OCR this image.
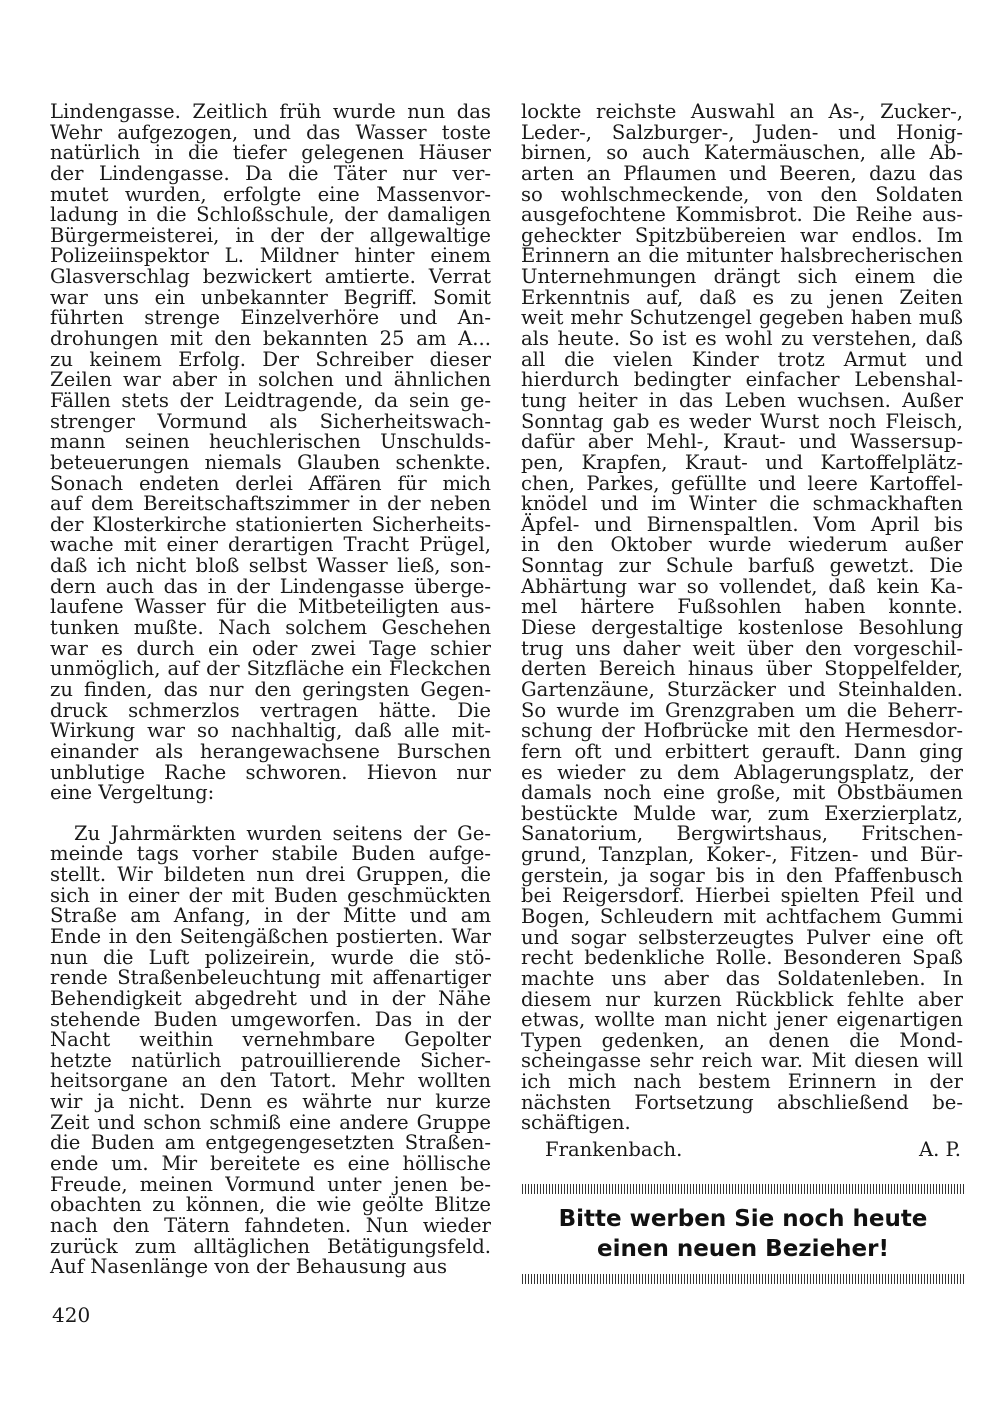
Lindengasse. Zeitlich früh wurde nun das
Wehr aufgezogen, und das Wasser toste
natürlich in die tiefer gelegenen Häuser
der Lindengasse. Da die Täter nur ver-
mutet wurden, erfolgte eine Massenvor-
ladung in die Schloßschule, der damaligen
Bürgermeisterei, in der der allgewaltige
Polizeiinspektor L. Mildner hinter einem
Glasverschlag bezwickert amtierte. Verrat
war uns ein unbekannter Begriff. Somit
führten strenge Einzelverhöre und An-
drohungen mit den bekannten 25 am A...
zu keinem Erfolg. Der Schreiber dieser
Zeilen war aber in solchen und ähnlichen
Fällen stets der Leidtragende, da sein ge-
strenger Vormund als Sicherheitswach-
mann seinen heuchlerischen Unschulds-
beteuerungen niemals Glauben schenkte.
Sonach endeten derlei Affären für mich
auf dem Bereitschaftszimmer in der neben
der Klosterkirche stationierten Sicherheits-
wache mit einer derartigen Tracht Prügel,
daß ich nicht bloß selbst Wasser ließ, son-
dern auch das in der Lindengasse übergе-
laufene Wasser für die Mitbeteiligten aus-
tunken mußte. Nach solchem Geschehen
war es durch ein oder zwei Tage schier
unmöglich, auf der Sitzfläche ein Fleckchen
zu finden, das nur den geringsten Gegen-
druck schmerzlos vertragen hätte. Die
Wirkung war so nachhaltig, daß alle mit-
einander als herangewachsene Burschen
unblutige Rache schworen. Hievon nur
eine Vergeltung:
Zu Jahrmärkten wurden seitens der Ge-
meinde tags vorher stabile Buden aufge-
stellt. Wir bildeten nun drei Gruppen, die
sich in einer der mit Buden geschmückten
Straße am Anfang, in der Mitte und am
Ende in den Seitengäßchen postierten. War
nun die Luft polizeirein, wurde die stö-
rende Straßenbeleuchtung mit affenartiger
Behendigkeit abgedreht und in der Nähe
stehende Buden umgeworfen. Das in der
Nacht weithin vernehmbare Gepolter
hetzte natürlich patrouillierende Sicher-
heitsorgane an den Tatort. Mehr wollten
wir ja nicht. Denn es währte nur kurze
Zeit und schon schmiß eine andere Gruppe
die Buden am entgegengesetzten Straßen-
ende um. Mir bereitete es eine höllische
Freude, meinen Vormund unter jenen be-
obachten zu können, die wie geölte Blitze
nach den Tätern fahndeten. Nun wieder
zurück zum alltäglichen Betätigungsfeld.
Auf Nasenlänge von der Behausung aus
lockte reichste Auswahl an As-, Zucker-,
Leder-, Salzburger-, Juden- und Honig-
birnen, so auch Katermäuschen, alle Ab-
arten an Pflaumen und Beeren, dazu das
so wohlschmeckende, von den Soldaten
ausgefochtene Kommisbrot. Die Reihe aus-
geheckter Spitzbübereien war endlos. Im
Erinnern an die mitunter halsbrecherischen
Unternehmungen drängt sich einem die
Erkenntnis auf, daß es zu jenen Zeiten
weit mehr Schutzengel gegeben haben muß
als heute. So ist es wohl zu verstehen, daß
all die vielen Kinder trotz Armut und
hierdurch bedingter einfacher Lebenshal-
tung heiter in das Leben wuchsen. Außer
Sonntag gab es weder Wurst noch Fleisch,
dafür aber Mehl-, Kraut- und Wassersup-
pen, Krapfen, Kraut- und Kartoffelplätz-
chen, Parkes, gefüllte und leere Kartoffel-
knödel und im Winter die schmackhaften
Äpfel- und Birnenspaltlen. Vom April bis
in den Oktober wurde wiederum außer
Sonntag zur Schule barfuß gewetzt. Die
Abhärtung war so vollendet, daß kein Ka-
mel härtere Fußsohlen haben konnte.
Diese dergestaltige kostenlose Besohlung
trug uns daher weit über den vorgeschil-
derten Bereich hinaus über Stoppelfelder,
Gartenzäune, Sturzäcker und Steinhalden.
So wurde im Grenzgraben um die Beherr-
schung der Hofbrücke mit den Hermesdor-
fern oft und erbittert gerauft. Dann ging
es wieder zu dem Ablagerungsplatz, der
damals noch eine große, mit Obstbäumen
bestückte Mulde war, zum Exerzierplatz,
Sanatorium, Bergwirtshaus, Fritschen-
grund, Tanzplan, Koker-, Fitzen- und Bür-
gerstein, ja sogar bis in den Pfaffenbusch
bei Reigersdorf. Hierbei spielten Pfeil und
Bogen, Schleudern mit achtfachem Gummi
und sogar selbsterzeugtes Pulver eine oft
recht bedenkliche Rolle. Besonderen Spaß
machte uns aber das Soldatenleben. In
diesem nur kurzen Rückblick fehlte aber
etwas, wollte man nicht jener eigenartigen
Typen gedenken, an denen die Mond-
scheingasse sehr reich war. Mit diesen will
ich mich nach bestem Erinnern in der
nächsten Fortsetzung abschließend be-
schäftigen.
Frankenbach.	A. P.
Bitte werben Sie noch heute
einen neuen Bezieher!
420
